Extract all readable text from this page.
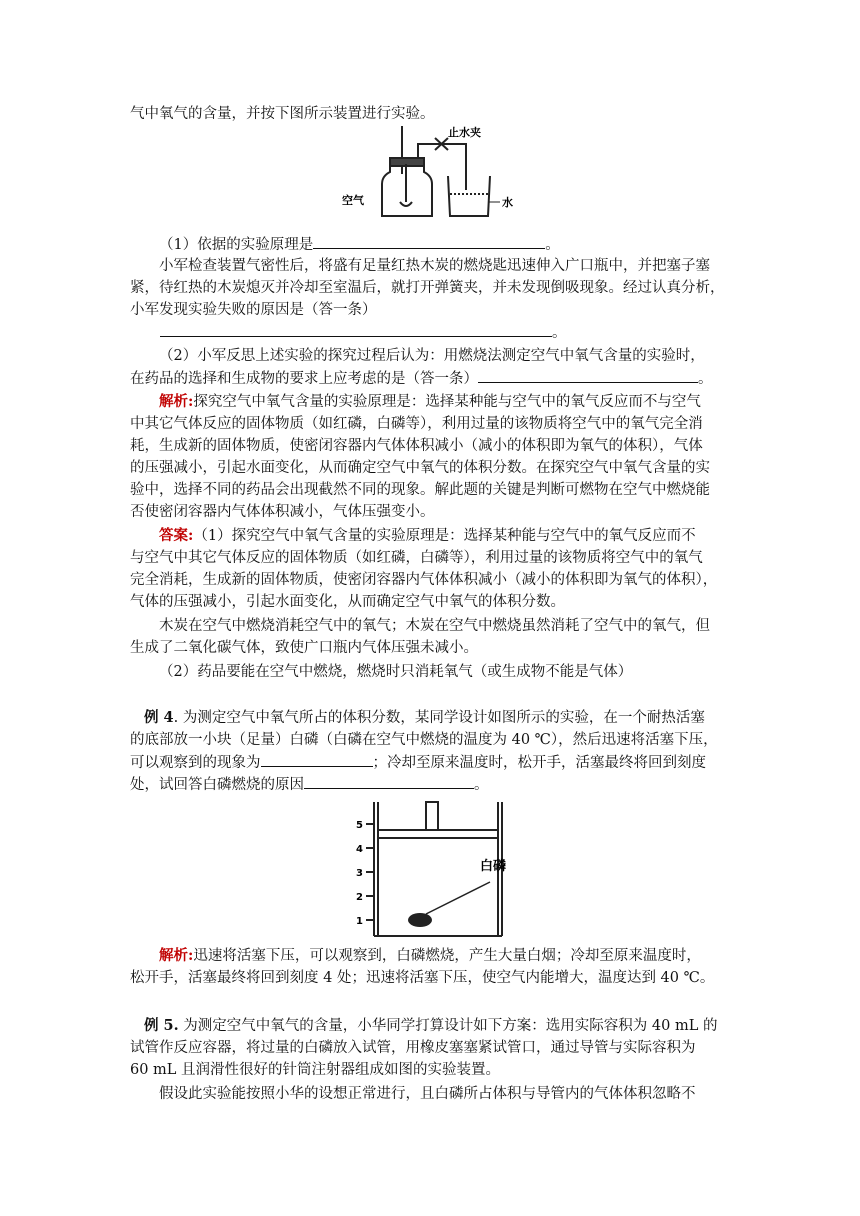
气中氧气的含量，并按下图所示装置进行实验。
止水夹
空气	水
（1）依据的实验原理是	。
小军检查装置气密性后，将盛有足量红热木炭的燃烧匙迅速伸入广口瓶中，并把塞子塞
紧，待红热的木炭熄灭并冷却至室温后，就打开弹簧夹，并未发现倒吸现象。经过认真分析，
小军发现实验失败的原因是（答一条）
。
（2）小军反思上述实验的探究过程后认为：用燃烧法测定空气中氧气含量的实验时，
在药品的选择和生成物的要求上应考虑的是（答一条）	。
解析:探究空气中氧气含量的实验原理是：选择某种能与空气中的氧气反应而不与空气
中其它气体反应的固体物质（如红磷，白磷等），利用过量的该物质将空气中的氧气完全消
耗，生成新的固体物质，使密闭容器内气体体积减小（减小的体积即为氧气的体积），气体
的压强减小，引起水面变化，从而确定空气中氧气的体积分数。在探究空气中氧气含量的实
验中，选择不同的药品会出现截然不同的现象。解此题的关键是判断可燃物在空气中燃烧能
否使密闭容器内气体体积减小，气体压强变小。
答案:（1）探究空气中氧气含量的实验原理是：选择某种能与空气中的氧气反应而不
与空气中其它气体反应的固体物质（如红磷，白磷等），利用过量的该物质将空气中的氧气
完全消耗，生成新的固体物质，使密闭容器内气体体积减小（减小的体积即为氧气的体积），
气体的压强减小，引起水面变化，从而确定空气中氧气的体积分数。
木炭在空气中燃烧消耗空气中的氧气；木炭在空气中燃烧虽然消耗了空气中的氧气，但
生成了二氧化碳气体，致使广口瓶内气体压强未减小。
（2）药品要能在空气中燃烧，燃烧时只消耗氧气（或生成物不能是气体）
例 4. 为测定空气中氧气所占的体积分数，某同学设计如图所示的实验，在一个耐热活塞
的底部放一小块（足量）白磷（白磷在空气中燃烧的温度为 40 ℃），然后迅速将活塞下压，
可以观察到的现象为	；冷却至原来温度时，松开手，活塞最终将回到刻度
处，试回答白磷燃烧的原因	。
5
4
3
2
1
白磷
解析:迅速将活塞下压，可以观察到，白磷燃烧，产生大量白烟；冷却至原来温度时，
松开手，活塞最终将回到刻度 4 处；迅速将活塞下压，使空气内能增大，温度达到 40 ℃。
例 5. 为测定空气中氧气的含量，小华同学打算设计如下方案：选用实际容积为 40 mL 的
试管作反应容器，将过量的白磷放入试管，用橡皮塞塞紧试管口，通过导管与实际容积为
60 mL 且润滑性很好的针筒注射器组成如图的实验装置。
假设此实验能按照小华的设想正常进行，且白磷所占体积与导管内的气体体积忽略不
